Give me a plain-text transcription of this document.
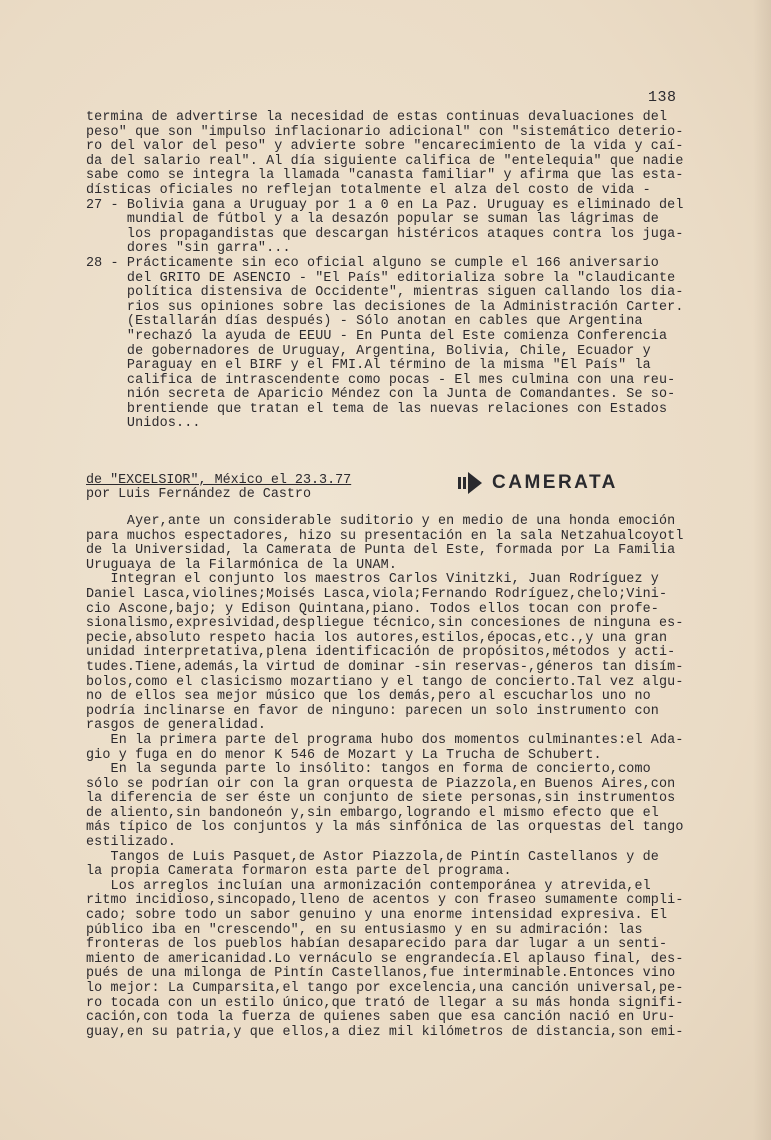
138
termina de advertirse la necesidad de estas continuas devaluaciones del
peso" que son "impulso inflacionario adicional" con "sistemático deterio-
ro del valor del peso" y advierte sobre "encarecimiento de la vida y caí-
da del salario real". Al día siguiente califica de "entelequia" que nadie
sabe como se integra la llamada "canasta familiar" y afirma que las esta-
dísticas oficiales no reflejan totalmente el alza del costo de vida -
27 - Bolivia gana a Uruguay por 1 a 0 en La Paz. Uruguay es eliminado del
mundial de fútbol y a la desazón popular se suman las lágrimas de
los propagandistas que descargan histéricos ataques contra los juga-
dores "sin garra"...
28 - Prácticamente sin eco oficial alguno se cumple el 166 aniversario
del GRITO DE ASENCIO - "El País" editorializa sobre la "claudicante
política distensiva de Occidente", mientras siguen callando los dia-
rios sus opiniones sobre las decisiones de la Administración Carter.
(Estallarán días después) - Sólo anotan en cables que Argentina
"rechazó la ayuda de EEUU - En Punta del Este comienza Conferencia
de gobernadores de Uruguay, Argentina, Bolivia, Chile, Ecuador y
Paraguay en el BIRF y el FMI.Al término de la misma "El País" la
califica de intrascendente como pocas - El mes culmina con una reu-
nión secreta de Aparicio Méndez con la Junta de Comandantes. Se so-
brentiende que tratan el tema de las nuevas relaciones con Estados
Unidos...
de "EXCELSIOR", México el 23.3.77
por Luis Fernández de Castro
CAMERATA
Ayer,ante un considerable suditorio y en medio de una honda emoción
para muchos espectadores, hizo su presentación en la sala Netzahualcoyotl
de la Universidad, la Camerata de Punta del Este, formada por La Familia
Uruguaya de la Filarmónica de la UNAM.
Integran el conjunto los maestros Carlos Vinitzki, Juan Rodríguez y
Daniel Lasca,violines;Moisés Lasca,viola;Fernando Rodríguez,chelo;Vini-
cio Ascone,bajo; y Edison Quintana,piano. Todos ellos tocan con profe-
sionalismo,expresividad,despliegue técnico,sin concesiones de ninguna es-
pecie,absoluto respeto hacia los autores,estilos,épocas,etc.,y una gran
unidad interpretativa,plena identificación de propósitos,métodos y acti-
tudes.Tiene,además,la virtud de dominar -sin reservas-,géneros tan disím-
bolos,como el clasicismo mozartiano y el tango de concierto.Tal vez algu-
no de ellos sea mejor músico que los demás,pero al escucharlos uno no
podría inclinarse en favor de ninguno: parecen un solo instrumento con
rasgos de generalidad.
En la primera parte del programa hubo dos momentos culminantes:el Ada-
gio y fuga en do menor K 546 de Mozart y La Trucha de Schubert.
En la segunda parte lo insólito: tangos en forma de concierto,como
sólo se podrían oir con la gran orquesta de Piazzola,en Buenos Aires,con
la diferencia de ser éste un conjunto de siete personas,sin instrumentos
de aliento,sin bandoneón y,sin embargo,logrando el mismo efecto que el
más típico de los conjuntos y la más sinfónica de las orquestas del tango
estilizado.
Tangos de Luis Pasquet,de Astor Piazzola,de Pintín Castellanos y de
la propia Camerata formaron esta parte del programa.
Los arreglos incluían una armonización contemporánea y atrevida,el
ritmo incidioso,sincopado,lleno de acentos y con fraseo sumamente compli-
cado; sobre todo un sabor genuino y una enorme intensidad expresiva. El
público iba en "crescendo", en su entusiasmo y en su admiración: las
fronteras de los pueblos habían desaparecido para dar lugar a un senti-
miento de americanidad.Lo vernáculo se engrandecía.El aplauso final, des-
pués de una milonga de Pintín Castellanos,fue interminable.Entonces vino
lo mejor: La Cumparsita,el tango por excelencia,una canción universal,pe-
ro tocada con un estilo único,que trató de llegar a su más honda signifi-
cación,con toda la fuerza de quienes saben que esa canción nació en Uru-
guay,en su patria,y que ellos,a diez mil kilómetros de distancia,son emi-
